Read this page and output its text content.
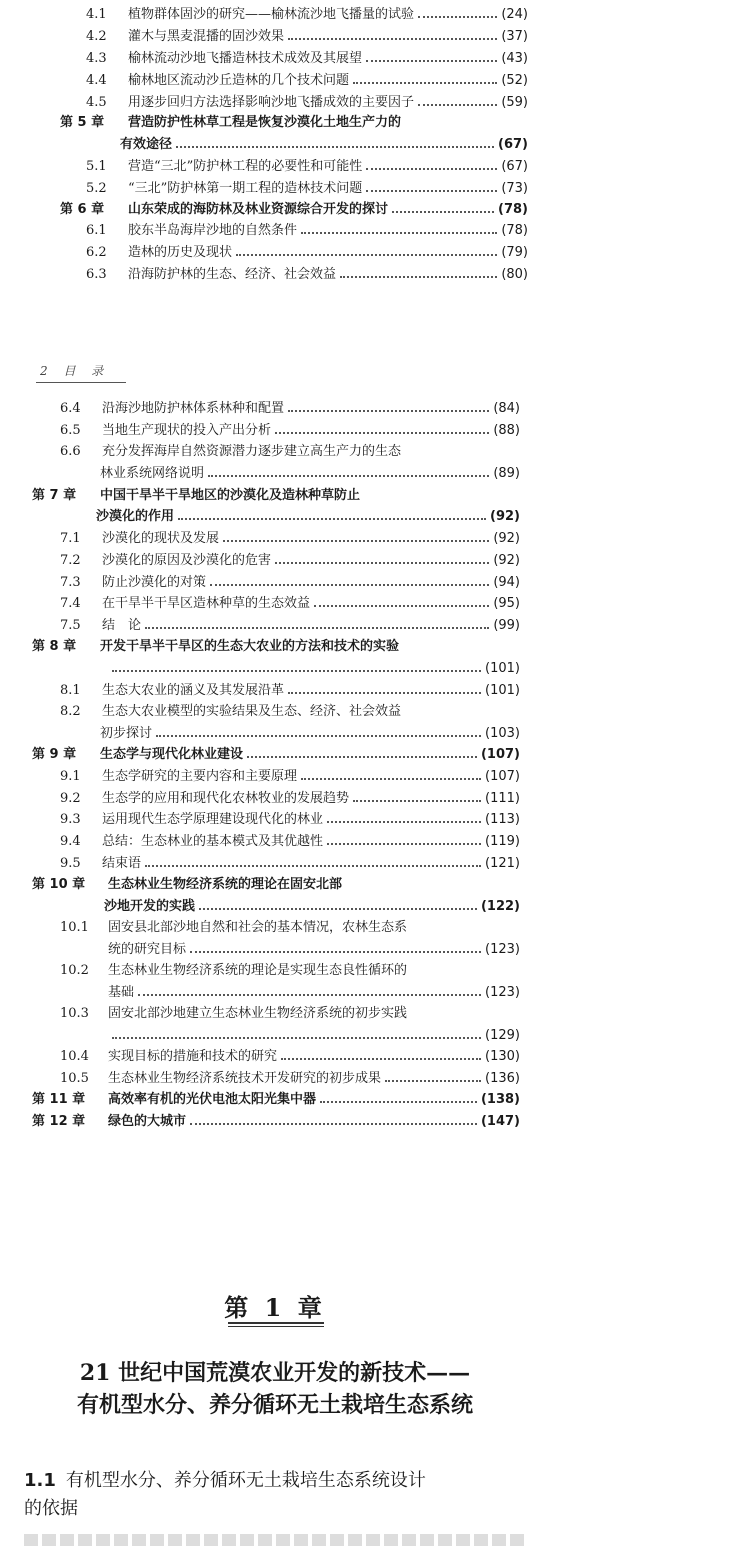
4.1	植物群体固沙的研究——榆林流沙地飞播量的试验	(24)
4.2	灌木与黑麦混播的固沙效果	(37)
4.3	榆林流动沙地飞播造林技术成效及其展望	(43)
4.4	榆林地区流动沙丘造林的几个技术问题	(52)
4.5	用逐步回归方法选择影响沙地飞播成效的主要因子	(59)
第 5 章	营造防护性林草工程是恢复沙漠化土地生产力的
有效途径	(67)
5.1	营造“三北”防护林工程的必要性和可能性	(67)
5.2	“三北”防护林第一期工程的造林技术问题	(73)
第 6 章	山东荣成的海防林及林业资源综合开发的探讨	(78)
6.1	胶东半岛海岸沙地的自然条件	(78)
6.2	造林的历史及现状	(79)
6.3	沿海防护林的生态、经济、社会效益	(80)
6.4	沿海沙地防护林体系林种和配置	(84)
6.5	当地生产现状的投入产出分析	(88)
6.6	充分发挥海岸自然资源潜力逐步建立高生产力的生态
林业系统网络说明	(89)
第 7 章	中国干旱半干旱地区的沙漠化及造林种草防止
沙漠化的作用	(92)
7.1	沙漠化的现状及发展	(92)
7.2	沙漠化的原因及沙漠化的危害	(92)
7.3	防止沙漠化的对策	(94)
7.4	在干旱半干旱区造林种草的生态效益	(95)
7.5	结　论	(99)
第 8 章	开发干旱半干旱区的生态大农业的方法和技术的实验
(101)
8.1	生态大农业的涵义及其发展沿革	(101)
8.2	生态大农业模型的实验结果及生态、经济、社会效益
初步探讨	(103)
第 9 章	生态学与现代化林业建设	(107)
9.1	生态学研究的主要内容和主要原理	(107)
9.2	生态学的应用和现代化农林牧业的发展趋势	(111)
9.3	运用现代生态学原理建设现代化的林业	(113)
9.4	总结：生态林业的基本模式及其优越性	(119)
9.5	结束语	(121)
第 10 章	生态林业生物经济系统的理论在固安北部
沙地开发的实践	(122)
10.1	固安县北部沙地自然和社会的基本情况，农林生态系
统的研究目标	(123)
10.2	生态林业生物经济系统的理论是实现生态良性循环的
基础	(123)
10.3	固安北部沙地建立生态林业生物经济系统的初步实践
(129)
10.4	实现目标的措施和技术的研究	(130)
10.5	生态林业生物经济系统技术开发研究的初步成果	(136)
第 11 章	高效率有机的光伏电池太阳光集中器	(138)
第 12 章	绿色的大城市	(147)
2 目 录
第 1 章
21 世纪中国荒漠农业开发的新技术——
有机型水分、养分循环无土栽培生态系统
1.1 有机型水分、养分循环无土栽培生态系统设计
的依据
